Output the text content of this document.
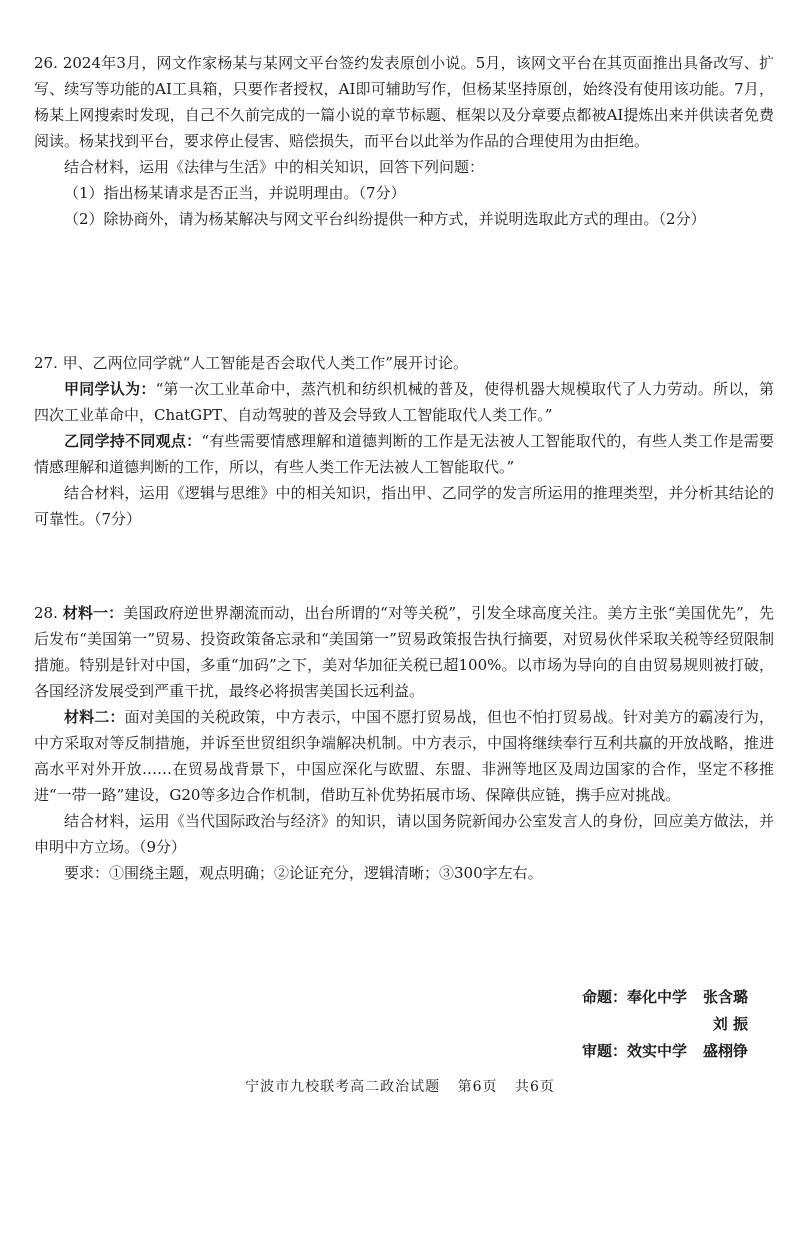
26. 2024年3月，网文作家杨某与某网文平台签约发表原创小说。5月，该网文平台在其页面推出具备改写、扩写、续写等功能的AI工具箱，只要作者授权，AI即可辅助写作，但杨某坚持原创，始终没有使用该功能。7月，杨某上网搜索时发现，自己不久前完成的一篇小说的章节标题、框架以及分章要点都被AI提炼出来并供读者免费阅读。杨某找到平台，要求停止侵害、赔偿损失，而平台以此举为作品的合理使用为由拒绝。

结合材料，运用《法律与生活》中的相关知识，回答下列问题：

（1）指出杨某请求是否正当，并说明理由。（7分）

（2）除协商外，请为杨某解决与网文平台纠纷提供一种方式，并说明选取此方式的理由。（2分）

27. 甲、乙两位同学就“人工智能是否会取代人类工作”展开讨论。

甲同学认为：“第一次工业革命中，蒸汽机和纺织机械的普及，使得机器大规模取代了人力劳动。所以，第四次工业革命中，ChatGPT、自动驾驶的普及会导致人工智能取代人类工作。”

乙同学持不同观点：“有些需要情感理解和道德判断的工作是无法被人工智能取代的，有些人类工作是需要情感理解和道德判断的工作，所以，有些人类工作无法被人工智能取代。”

结合材料，运用《逻辑与思维》中的相关知识，指出甲、乙同学的发言所运用的推理类型，并分析其结论的可靠性。（7分）

28. 材料一：美国政府逆世界潮流而动，出台所谓的“对等关税”，引发全球高度关注。美方主张“美国优先”，先后发布“美国第一”贸易、投资政策备忘录和“美国第一”贸易政策报告执行摘要，对贸易伙伴采取关税等经贸限制措施。特别是针对中国，多重“加码”之下，美对华加征关税已超100%。以市场为导向的自由贸易规则被打破，各国经济发展受到严重干扰，最终必将损害美国长远利益。

材料二：面对美国的关税政策，中方表示，中国不愿打贸易战，但也不怕打贸易战。针对美方的霸凌行为，中方采取对等反制措施，并诉至世贸组织争端解决机制。中方表示，中国将继续奉行互利共赢的开放战略，推进高水平对外开放……在贸易战背景下，中国应深化与欧盟、东盟、非洲等地区及周边国家的合作，坚定不移推进“一带一路”建设，G20等多边合作机制，借助互补优势拓展市场、保障供应链，携手应对挑战。

结合材料，运用《当代国际政治与经济》的知识，请以国务院新闻办公室发言人的身份，回应美方做法，并申明中方立场。（9分）

要求：①围绕主题，观点明确；②论证充分，逻辑清晰；③300字左右。

命题：奉化中学 张含璐
刘 振
审题：效实中学 盛栩铮
宁波市九校联考高二政治试题 第6页 共6页
